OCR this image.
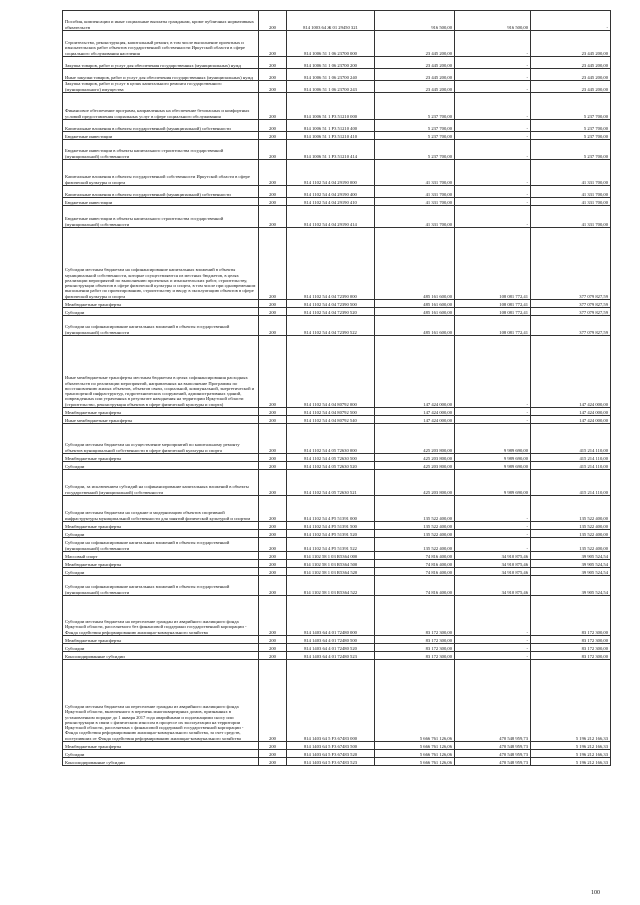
Пособия, компенсации и иные социальные выплаты гражданам, кроме публичных нормативных обязательств	200	814 1003 64 Ж 01 29450 321	916 500,00	916 500,00	-
Строительство, реконструкция, капитальный ремонт, в том числе выполнение проектных и изыскательских работ объектов государственной собственности Иркутской области в сфере социального обслуживания населения	200	814 1006 51 1 06 23700 000	23 445 200,00	-	23 445 200,00
Закупка товаров, работ и услуг для обеспечения государственных (муниципальных) нужд	200	814 1006 51 1 06 23700 200	23 445 200,00	-	23 445 200,00
Иные закупки товаров, работ и услуг для обеспечения государственных (муниципальных) нужд	200	814 1006 51 1 06 23700 240	23 445 200,00	-	23 445 200,00
Закупка товаров, работ и услуг в целях капитального ремонта государственного (муниципального) имущества	200	814 1006 51 1 06 23700 243	23 445 200,00	-	23 445 200,00
Финансовое обеспечение программ, направленных на обеспечение безопасных и комфортных условий предоставления социальных услуг в сфере социального обслуживания	200	814 1006 51 1 P3 51210 000	5 237 700,00	-	5 237 700,00
Капитальные вложения в объекты государственной (муниципальной) собственности	200	814 1006 51 1 P3 51210 400	5 237 700,00	-	5 237 700,00
Бюджетные инвестиции	200	814 1006 51 1 P3 51210 410	5 237 700,00	-	5 237 700,00
Бюджетные инвестиции в объекты капитального строительства государственной (муниципальной) собственности	200	814 1006 51 1 P3 51210 414	5 237 700,00	-	5 237 700,00
Капитальные вложения в объекты государственной собственности Иркутской области в сфере физической культуры и спорта	200	814 1102 54 4 04 29190 000	41 331 700,00	-	41 331 700,00
Капитальные вложения в объекты государственной (муниципальной) собственности	200	814 1102 54 4 04 29190 400	41 331 700,00	-	41 331 700,00
Бюджетные инвестиции	200	814 1102 54 4 04 29190 410	41 331 700,00	-	41 331 700,00
Бюджетные инвестиции в объекты капитального строительства государственной (муниципальной) собственности	200	814 1102 54 4 04 29190 414	41 331 700,00	-	41 331 700,00
Субсидии местным бюджетам на софинансирование капитальных вложений в объекты муниципальной собственности, которые осуществляются из местных бюджетов, в целях реализации мероприятий по выполнению проектных и изыскательских работ, строительству, реконструкции объектов в сфере физической культуры и спорта, в том числе при одновременном выполнении работ по проектированию, строительству и вводу в эксплуатацию объектов в сфере физической культуры и спорта	200	814 1102 54 4 04 72390 000	485 161 600,00	108 081 772,41	377 079 827,59
Межбюджетные трансферты	200	814 1102 54 4 04 72390 500	485 161 600,00	108 081 772,41	377 079 827,59
Субсидии	200	814 1102 54 4 04 72390 520	485 161 600,00	108 081 772,41	377 079 827,59
Субсидии на софинансирование капитальных вложений в объекты государственной (муниципальной) собственности	200	814 1102 54 4 04 72390 522	485 161 600,00	108 081 772,41	377 079 827,59
Иные межбюджетные трансферты местным бюджетам в целях софинансирования расходных обязательств по реализации мероприятий, направленных на выполнение Программы по восстановлению жилых объектов, объектов связи, социальной, коммунальной, энергетической и транспортной инфраструктур, гидротехнических сооружений, административных зданий, поврежденных или утраченных в результате наводнения на территории Иркутской области (строительство, реконструкция объектов в сфере физической культуры и спорта)	200	814 1102 54 4 04 80792 000	147 424 000,00	-	147 424 000,00
Межбюджетные трансферты	200	814 1102 54 4 04 80792 500	147 424 000,00	-	147 424 000,00
Иные межбюджетные трансферты	200	814 1102 54 4 04 80792 540	147 424 000,00	-	147 424 000,00
Субсидии местным бюджетам на осуществление мероприятий по капитальному ремонту объектов муниципальной собственности в сфере физической культуры и спорта	200	814 1102 54 4 05 72630 000	425 203 800,00	9 989 690,00	415 214 110,00
Межбюджетные трансферты	200	814 1102 54 4 05 72630 500	425 203 800,00	9 989 690,00	415 214 110,00
Субсидии	200	814 1102 54 4 05 72630 520	425 203 800,00	9 989 690,00	415 214 110,00
Субсидии, за исключением субсидий на софинансирование капитальных вложений в объекты государственной (муниципальной) собственности	200	814 1102 54 4 05 72630 521	425 203 800,00	9 989 690,00	415 214 110,00
Субсидии местным бюджетам на создание и модернизацию объектов спортивной инфраструктуры муниципальной собственности для занятий физической культурой и спортом	200	814 1102 54 4 P5 51391 000	135 522 400,00	-	135 522 400,00
Межбюджетные трансферты	200	814 1102 54 4 P5 51391 500	135 522 400,00	-	135 522 400,00
Субсидии	200	814 1102 54 4 P5 51391 520	135 522 400,00	-	135 522 400,00
Субсидии на софинансирование капитальных вложений в объекты государственной (муниципальной) собственности	200	814 1102 54 4 P5 51391 522	135 522 400,00	-	135 522 400,00
Массовый спорт	200	814 1102 58 1 03 R5364 000	74 816 400,00	34 910 875,46	39 905 524,54
Межбюджетные трансферты	200	814 1102 58 1 03 R5364 500	74 816 400,00	34 910 875,46	39 905 524,54
Субсидии	200	814 1102 58 1 03 R5364 520	74 816 400,00	34 910 875,46	39 905 524,54
Субсидии на софинансирование капитальных вложений в объекты государственной (муниципальной) собственности	200	814 1102 58 1 03 R5364 522	74 816 400,00	34 910 875,46	39 905 524,54
Субсидии местным бюджетам на переселение граждан из аварийного жилищного фонда Иркутской области, расселяемого без финансовой поддержки государственной корпорации - Фонда содействия реформированию жилищно-коммунального хозяйства	200	814 1403 64 4 01 72480 000	83 172 300,00	-	83 172 300,00
Межбюджетные трансферты	200	814 1403 64 4 01 72480 500	83 172 300,00	-	83 172 300,00
Субсидии	200	814 1403 64 4 01 72480 520	83 172 300,00	-	83 172 300,00
Консолидированные субсидии	200	814 1403 64 4 01 72480 523	83 172 300,00	-	83 172 300,00
Субсидии местным бюджетам на переселение граждан из аварийного жилищного фонда Иркутской области, включенного в перечень многоквартирных домов, признанных в установленном порядке до 1 января 2017 года аварийными и подлежащими сносу или реконструкции в связи с физическим износом в процессе их эксплуатации на территории Иркутской области, расселяемых с финансовой поддержкой государственной корпорации - Фонда содействия реформированию жилищно-коммунального хозяйства, за счет средств, поступивших от Фонда содействия реформированию жилищно-коммунального хозяйства	200	814 1403 64 5 F3 67483 000	5 666 761 126,06	470 548 959,73	5 196 212 166,33
Межбюджетные трансферты	200	814 1403 64 5 F3 67483 500	5 666 761 126,06	470 548 959,73	5 196 212 166,33
Субсидии	200	814 1403 64 5 F3 67483 520	5 666 761 126,06	470 548 959,73	5 196 212 166,33
Консолидированные субсидии	200	814 1403 64 5 F3 67483 523	5 666 761 126,06	470 548 959,73	5 196 212 166,33
100
